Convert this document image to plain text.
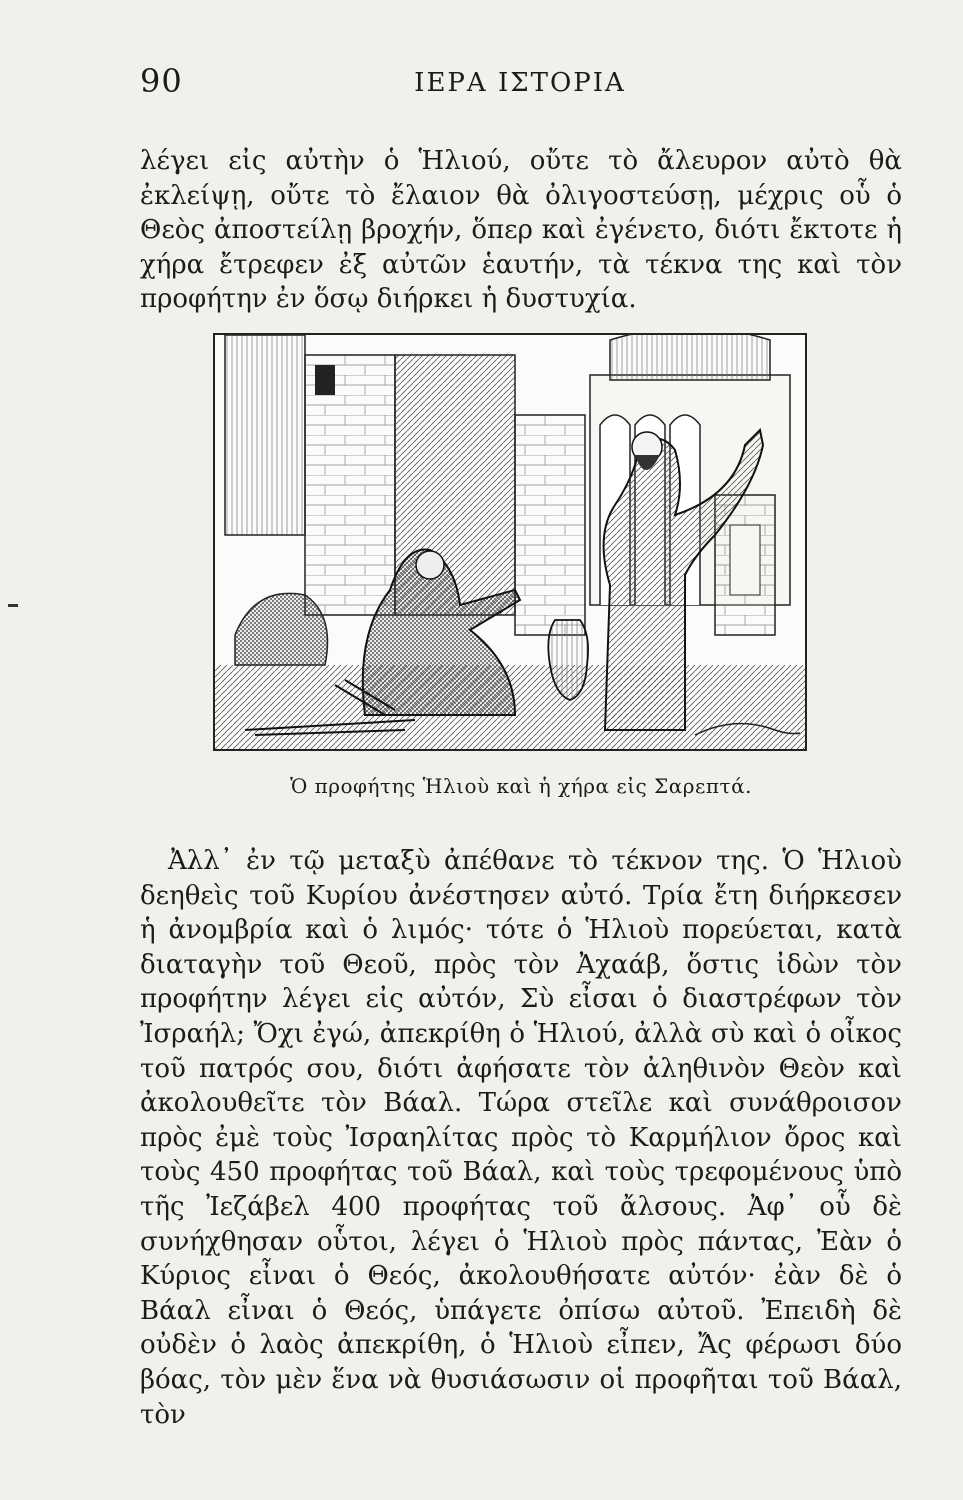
90	ΙΕΡΑ ΙΣΤΟΡΙΑ

λέγει εἰς αὐτὴν ὁ Ἡλιού, οὔτε τὸ ἄλευρον αὐτὸ θὰ ἐκλείψῃ, οὔτε τὸ ἔλαιον θὰ ὀλιγοστεύσῃ, μέχρις οὗ ὁ Θεὸς ἀποστείλῃ βροχήν, ὅπερ καὶ ἐγένετο, διότι ἔκτοτε ἡ χήρα ἔτρεφεν ἐξ αὐτῶν ἑαυτήν, τὰ τέκνα της καὶ τὸν προφήτην ἐν ὅσῳ διήρκει ἡ δυστυχία.

Ὁ προφήτης Ἡλιοὺ καὶ ἡ χήρα εἰς Σαρεπτά.

Ἀλλ᾽ ἐν τῷ μεταξὺ ἀπέθανε τὸ τέκνον της. Ὁ Ἡλιοὺ δεηθεὶς τοῦ Κυρίου ἀνέστησεν αὐτό. Τρία ἔτη διήρκεσεν ἡ ἀνομβρία καὶ ὁ λιμός· τότε ὁ Ἡλιοὺ πορεύεται, κατὰ διαταγὴν τοῦ Θεοῦ, πρὸς τὸν Ἀχαάβ, ὅστις ἰδὼν τὸν προφήτην λέγει εἰς αὐτόν, Σὺ εἶσαι ὁ διαστρέφων τὸν Ἰσραήλ; Ὄχι ἐγώ, ἀπεκρίθη ὁ Ἡλιού, ἀλλὰ σὺ καὶ ὁ οἶκος τοῦ πατρός σου, διότι ἀφήσατε τὸν ἀληθινὸν Θεὸν καὶ ἀκολουθεῖτε τὸν Βάαλ. Τώρα στεῖλε καὶ συνάθροισον πρὸς ἐμὲ τοὺς Ἰσραηλίτας πρὸς τὸ Καρμήλιον ὄρος καὶ τοὺς 450 προφήτας τοῦ Βάαλ, καὶ τοὺς τρεφομένους ὑπὸ τῆς Ἰεζάβελ 400 προφήτας τοῦ ἄλσους. Ἀφ᾽ οὗ δὲ συνήχθησαν οὗτοι, λέγει ὁ Ἡλιοὺ πρὸς πάντας, Ἐὰν ὁ Κύριος εἶναι ὁ Θεός, ἀκολουθήσατε αὐτόν· ἐὰν δὲ ὁ Βάαλ εἶναι ὁ Θεός, ὑπάγετε ὀπίσω αὐτοῦ. Ἐπειδὴ δὲ οὐδὲν ὁ λαὸς ἀπεκρίθη, ὁ Ἡλιοὺ εἶπεν, Ἄς φέρωσι δύο βόας, τὸν μὲν ἕνα νὰ θυσιάσωσιν οἱ προφῆται τοῦ Βάαλ, τὸν
